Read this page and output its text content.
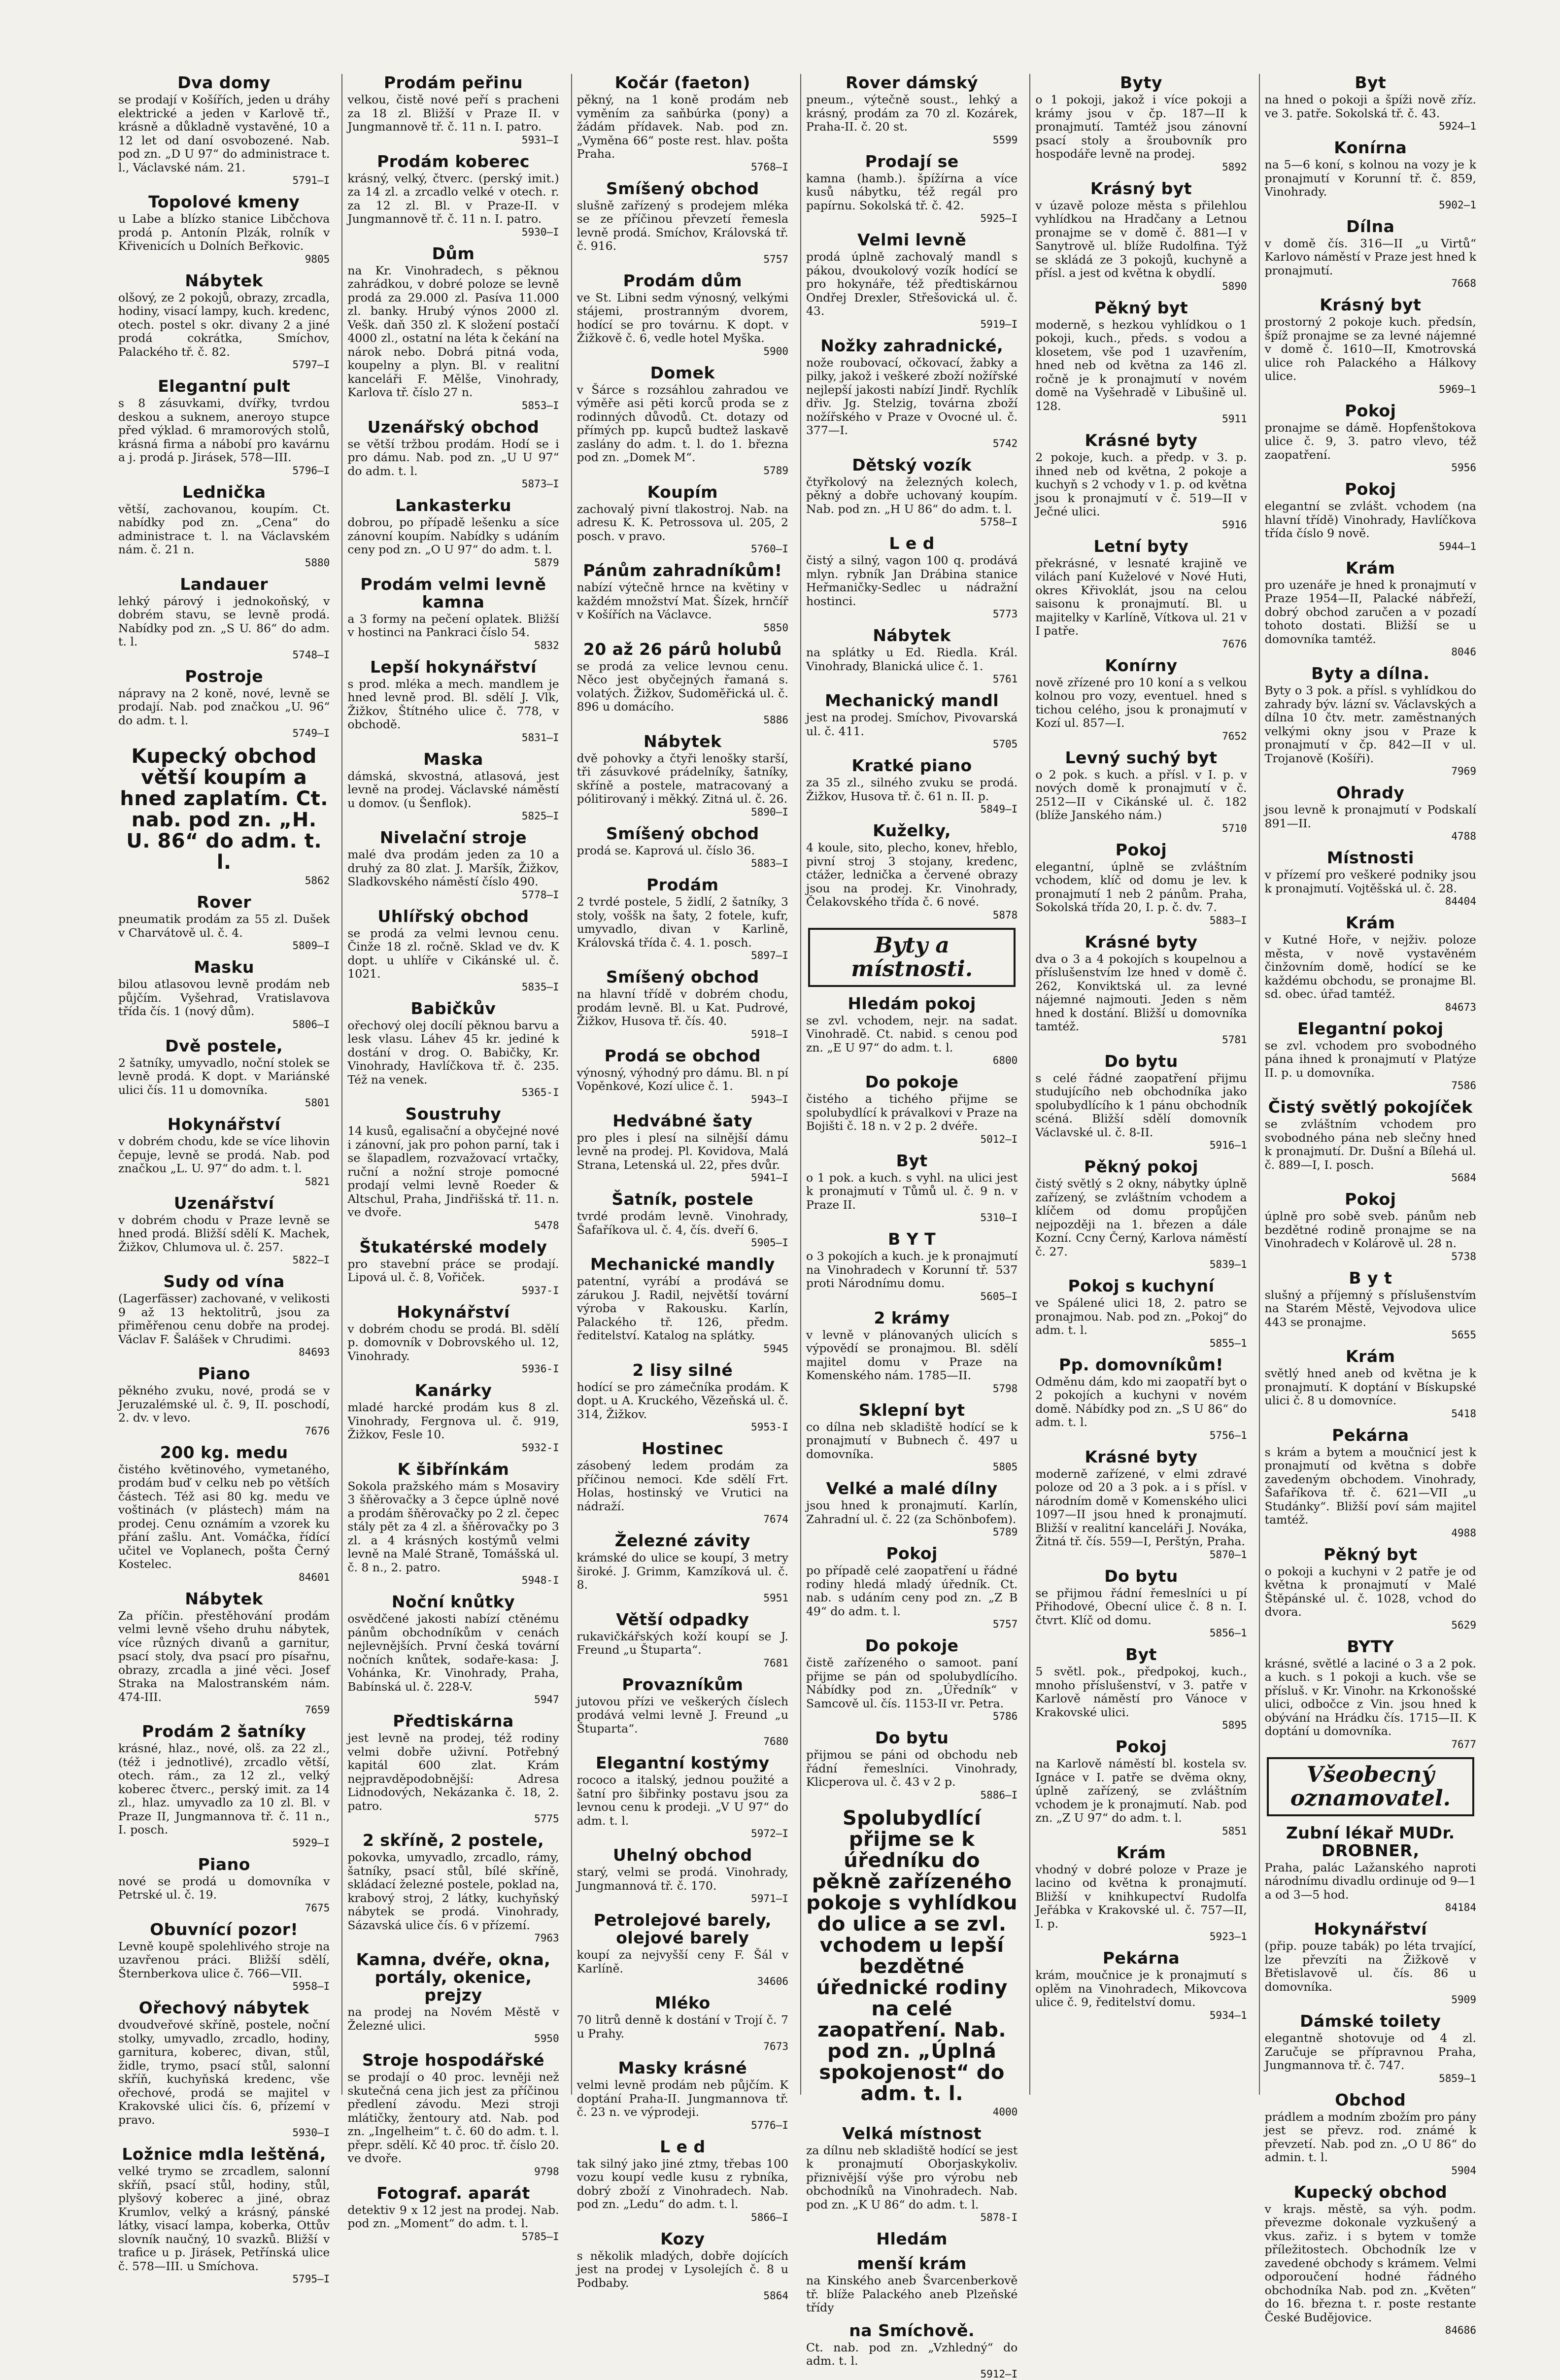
Dva domy

se prodají v Košířích, jeden u dráhy elektrické a jeden v Karlově tř., krásně a důkladně vystavěné, 10 a 12 let od daní osvobozené. Nab. pod zn. „D U 97“ do administrace t. l., Václavské nám. 21.

5791—I

Topolové kmeny

u Labe a blízko stanice Libčchova prodá p. Antonín Plzák, rolník v Křivenicích u Dolních Beřkovic.

9805

Nábytek

olšový, ze 2 pokojů, obrazy, zrcadla, hodiny, visací lampy, kuch. kredenc, otech. postel s okr. divany 2 a jiné prodá cokrátka, Smíchov, Palackého tř. č. 82.

5797—I

Elegantní pult

s 8 zásuvkami, dvířky, tvrdou deskou a suknem, aneroyo stupce před výklad. 6 mramorových stolů, krásná firma a nábobí pro kavárnu a j. prodá p. Jirásek, 578—III.

5796—I

Lednička

větší, zachovanou, koupím. Ct. nabídky pod zn. „Cena“ do administrace t. l. na Václavském nám. č. 21 n.

5880

Landauer

lehký párový i jednokoňský, v dobrém stavu, se levně prodá. Nabídky pod zn. „S U. 86“ do adm. t. l.

5748—I

Postroje

nápravy na 2 koně, nové, levně se prodají. Nab. pod značkou „U. 96“ do adm. t. l.

5749—I

Kupecký obchod větší koupím a hned zaplatím. Ct. nab. pod zn. „H. U. 86“ do adm. t. l.

5862

Rover

pneumatik prodám za 55 zl. Dušek v Charvátově ul. č. 4.

5809—I

Masku

bilou atlasovou levně prodám neb půjčím. Vyšehrad, Vratislavova třída čís. 1 (nový dům).

5806—I

Dvě postele,

2 šatníky, umyvadlo, noční stolek se levně prodá. K dopt. v Mariánské ulici čís. 11 u domovníka.

5801

Hokynářství

v dobrém chodu, kde se více lihovin čepuje, levně se prodá. Nab. pod značkou „L. U. 97“ do adm. t. l.

5821

Uzenářství

v dobrém chodu v Praze levně se hned prodá. Bližší sdělí K. Machek, Žižkov, Chlumova ul. č. 257.

5822—I

Sudy od vína

(Lagerfässer) zachované, v velikosti 9 až 13 hektolitrů, jsou za přiměřenou cenu dobře na prodej. Václav F. Šalášek v Chrudimi.

84693

Piano

pěkného zvuku, nové, prodá se v Jeruzalémské ul. č. 9, II. poschodí, 2. dv. v levo.

7676

200 kg. medu

čistého květinového, vymetaného, prodám buď v celku neb po větších částech. Též asi 80 kg. medu ve voštinách (v plástech) mám na prodej. Cenu oznámím a vzorek ku přání zašlu. Ant. Vomáčka, řídící učitel ve Voplanech, pošta Černý Kostelec.

84601

Nábytek

Za příčin. přestěhování prodám velmi levně všeho druhu nábytek, více různých divanů a garnitur, psací stoly, dva psací pro písařnu, obrazy, zrcadla a jiné věci. Josef Straka na Malostranském nám. 474-III.

7659

Prodám 2 šatníky

krásné, hlaz., nové, olš. za 22 zl., (též i jednotlivé), zrcadlo větší, otech. rám., za 12 zl., velký koberec čtverc., perský imit. za 14 zl., hlaz. umyvadlo za 10 zl. Bl. v Praze II, Jungmannova tř. č. 11 n., I. posch.

5929—I

Piano

nové se prodá u domovníka v Petrské ul. č. 19.

7675

Obuvnící pozor!

Levně koupě spolehlivého stroje na uzavřenou práci. Bližší sdělí, Šternberkova ulice č. 766—VII.

5958—I

Ořechový nábytek

dvoudveřové skříně, postele, noční stolky, umyvadlo, zrcadlo, hodiny, garnitura, koberec, divan, stůl, židle, trymo, psací stůl, salonní skříň, kuchyňská kredenc, vše ořechové, prodá se majitel v Krakovské ulici čís. 6, přízemí v pravo.

5930—I

Ložnice mdla leštěná,

velké trymo se zrcadlem, salonní skříň, psací stůl, hodiny, stůl, plyšový koberec a jiné, obraz Krumlov, velký a krásný, pánské látky, visací lampa, koberka, Ottův slovník naučný, 10 svazků. Bližší v trafice u p. Jirásek, Petřínská ulice č. 578—III. u Smíchova.

5795—I

Prodám peřinu

velkou, čistě nové peří s pracheni za 18 zl. Bližší v Praze II. v Jungmannově tř. č. 11 n. I. patro.

5931—I

Prodám koberec

krásný, velký, čtverc. (perský imit.) za 14 zl. a zrcadlo velké v otech. r. za 12 zl. Bl. v Praze-II. v Jungmannově tř. č. 11 n. I. patro.

5930—I

Dům

na Kr. Vinohradech, s pěknou zahrádkou, v dobré poloze se levně prodá za 29.000 zl. Pasíva 11.000 zl. banky. Hrubý výnos 2000 zl. Vešk. daň 350 zl. K složení postačí 4000 zl., ostatní na léta k čekání na nárok nebo. Dobrá pitná voda, koupelny a plyn. Bl. v realitní kanceláři F. Mělše, Vinohrady, Karlova tř. číslo 27 n.

5853—I

Uzenářský obchod

se větší tržbou prodám. Hodí se i pro dámu. Nab. pod zn. „U U 97“ do adm. t. l.

5873—I

Lankasterku

dobrou, po případě lešenku a síce zánovní koupím. Nabídky s udáním ceny pod zn. „O U 97“ do adm. t. l.

5879

Prodám velmi levně kamna

a 3 formy na pečení oplatek. Bližší v hostinci na Pankraci číslo 54.

5832

Lepší hokynářství

s prod. mléka a mech. mandlem je hned levně prod. Bl. sdělí J. Vlk, Žižkov, Štítného ulice č. 778, v obchodě.

5831—I

Maska

dámská, skvostná, atlasová, jest levně na prodej. Václavské náměstí u domov. (u Šenflok).

5825—I

Nivelační stroje

malé dva prodám jeden za 10 a druhý za 80 zlat. J. Maršík, Žižkov, Sladkovského náměstí číslo 490.

5778—I

Uhlířský obchod

se prodá za velmi levnou cenu. Činže 18 zl. ročně. Sklad ve dv. K dopt. u uhlíře v Cikánské ul. č. 1021.

5835—I

Babičkův

ořechový olej docílí pěknou barvu a lesk vlasu. Láhev 45 kr. jediné k dostání v drog. O. Babičky, Kr. Vinohrady, Havlíčkova tř. č. 235. Též na venek.

5365-I

Soustruhy

14 kusů, egalisační a obyčejné nové i zánovní, jak pro pohon parní, tak i se šlapadlem, rozvažovací vrtačky, ruční a nožní stroje pomocné prodají velmi levně Roeder & Altschul, Praha, Jindřišská tř. 11. n. ve dvoře.

5478

Štukatérské modely

pro stavební práce se prodají. Lipová ul. č. 8, Vořiček.

5937-I

Hokynářství

v dobrém chodu se prodá. Bl. sdělí p. domovník v Dobrovského ul. 12, Vinohrady.

5936-I

Kanárky

mladé harcké prodám kus 8 zl. Vinohrady, Fergnova ul. č. 919, Žižkov, Fesle 10.

5932-I

K šibřínkám

Sokola pražského mám s Mosaviry 3 šňěrovačky a 3 čepce úplně nové a prodám šňěrovačky po 2 zl. čepec stály pět za 4 zl. a šňěrovačky po 3 zl. a 4 krásných kostýmů velmi levně na Malé Straně, Tomášská ul. č. 8 n., 2. patro.

5948-I

Noční knůtky

osvědčené jakosti nabízí ctěnému pánům obchodníkům v cenách nejlevnějších. První česká tovární nočních knůtek, sodaře-kasa: J. Vohánka, Kr. Vinohrady, Praha, Babínská ul. č. 228-V.

5947

Předtiskárna

jest levně na prodej, též rodiny velmi dobře uživní. Potřebný kapitál 600 zlat. Krám nejpravděpodobnější: Adresa Lidnodových, Nekázanka č. 18, 2. patro.

5775

2 skříně, 2 postele,

pokovka, umyvadlo, zrcadlo, rámy, šatníky, psací stůl, bílé skříně, skládací železné postele, poklad na, krabový stroj, 2 látky, kuchyňský nábytek se prodá. Vinohrady, Sázavská ulice čís. 6 v přízemí.

7963

Kamna, dvéře, okna, portály, okenice, prejzy

na prodej na Novém Městě v Železné ulici.

5950

Stroje hospodářské

se prodají o 40 proc. levněji než skutečná cena jich jest za příčinou předlení závodu. Mezi stroji mlátičky, žentoury atd. Nab. pod zn. „Ingelheim“ t. č. 60 do adm. t. l. přepr. sdělí. Kč 40 proc. tř. číslo 20. ve dvoře.

9798

Fotograf. aparát

detektiv 9 x 12 jest na prodej. Nab. pod zn. „Moment“ do adm. t. l.

5785—I

Kočár (faeton)

pěkný, na 1 koně prodám neb vyměním za saňbúrka (pony) a žádám přídavek. Nab. pod zn. „Vyměna 66“ poste rest. hlav. pošta Praha.

5768—I

Smíšený obchod

slušně zařízený s prodejem mléka se ze příčinou převzetí řemesla levně prodá. Smíchov, Královská tř. č. 916.

5757

Prodám dům

ve St. Libni sedm výnosný, velkými stájemi, prostranným dvorem, hodící se pro továrnu. K dopt. v Žižkově č. 6, vedle hotel Myška.

5900

Domek

v Šárce s rozsáhlou zahradou ve výměře asi pěti korců proda se z rodinných důvodů. Ct. dotazy od přímých pp. kupců budtež laskavě zaslány do adm. t. l. do 1. března pod zn. „Domek M“.

5789

Koupím

zachovalý pivní tlakostroj. Nab. na adresu K. K. Petrossova ul. 205, 2 posch. v pravo.

5760—I

Pánům zahradníkům!

nabízí výtečně hrnce na květiny v každém množství Mat. Šízek, hrnčíř v Košířích na Václavce.

5850

20 až 26 párů holubů

se prodá za velice levnou cenu. Něco jest obyčejných řamaná s. volatých. Žižkov, Sudoměřická ul. č. 896 u domácího.

5886

Nábytek

dvě pohovky a čtyři lenošky starší, tři zásuvkové prádelníky, šatníky, skříně a postele, matracovaný a pólitirovaný i měkký. Zitná ul. č. 26.

5890—I

Smíšený obchod

prodá se. Kaprová ul. číslo 36.

5883—I

Prodám

2 tvrdé postele, 5 židlí, 2 šatníky, 3 stoly, voššk na šaty, 2 fotele, kufr, umyvadlo, divan v Karlině, Královská třída č. 4. 1. posch.

5897—I

Smíšený obchod

na hlavní třídě v dobrém chodu, prodám levně. Bl. u Kat. Pudrové, Žižkov, Husova tř. čís. 40.

5918—I

Prodá se obchod

výnosný, výhodný pro dámu. Bl. n pí Vopěnkové, Kozí ulice č. 1.

5943—I

Hedvábné šaty

pro ples i plesí na silnější dámu levně na prodej. Pl. Kovidova, Malá Strana, Letenská ul. 22, přes dvůr.

5941—I

Šatník, postele

tvrdé prodám levně. Vinohrady, Šafaříkova ul. č. 4, čís. dveří 6.

5905—I

Mechanické mandly

patentní, vyrábí a prodává se zárukou J. Radil, největší tovární výroba v Rakousku. Karlín, Palackého tř. 126, předm. ředitelství. Katalog na splátky.

5945

2 lisy silné

hodící se pro zámečníka prodám. K dopt. u A. Kruckého, Vězeňská ul. č. 314, Žižkov.

5953-I

Hostinec

zásobený ledem prodám za příčinou nemoci. Kde sdělí Frt. Holas, hostinský ve Vrutici na nádraží.

7674

Železné závity

krámské do ulice se koupí, 3 metry široké. J. Grimm, Kamzíková ul. č. 8.

5951

Větší odpadky

rukavičkářských koží koupí se J. Freund „u Štuparta“.

7681

Provazníkům

jutovou přízi ve veškerých číslech prodává velmi levně J. Freund „u Štuparta“.

7680

Elegantní kostýmy

rococo a italský, jednou použité a šatní pro šibřinky postavu jsou za levnou cenu k prodeji. „V U 97“ do adm. t. l.

5972—I

Uhelný obchod

starý, velmi se prodá. Vinohrady, Jungmannová tř. č. 170.

5971—I

Petrolejové barely, olejové barely

koupí za nejvyšší ceny F. Šál v Karlíně.

34606

Mléko

70 litrů denně k dostání v Trojí č. 7 u Prahy.

7673

Masky krásné

velmi levně prodám neb půjčím. K doptání Praha-II. Jungmannova tř. č. 23 n. ve výprodeji.

5776—I

L e d

tak silný jako jiné ztmy, třebas 100 vozu koupí vedle kusu z rybníka, dobrý zboží z Vinohradech. Nab. pod zn. „Ledu“ do adm. t. l.

5866—I

Kozy

s několik mladých, dobře dojících jest na prodej v Lysolejích č. 8 u Podbaby.

5864

Rover dámský

pneum., výtečně soust., lehký a krásný, prodám za 70 zl. Kozárek, Praha-II. č. 20 st.

5599

Prodají se

kamna (hamb.). špížírna a více kusů nábytku, též regál pro papírnu. Sokolská tř. č. 42.

5925—I

Velmi levně

prodá úplně zachovalý mandl s pákou, dvoukolový vozík hodící se pro hokynáře, též předtiskárnou Ondřej Drexler, Střešovická ul. č. 43.

5919—I

Nožky zahradnické,

nože roubovací, očkovací, žabky a pilky, jakož i veškeré zboží nožířské nejlepší jakosti nabízí Jindř. Rychlík dřiv. Jg. Stelzig, továrna zboží nožířského v Praze v Ovocné ul. č. 377—I.

5742

Dětský vozík

čtyřkolový na železných kolech, pěkný a dobře uchovaný koupím. Nab. pod zn. „H U 86“ do adm. t. l.

5758—I

L e d

čistý a silný, vagon 100 q. prodává mlyn. rybník Jan Drábina stanice Heřmaničky-Sedlec u nádražní hostinci.

5773

Nábytek

na splátky u Ed. Riedla. Král. Vinohrady, Blanická ulice č. 1.

5761

Mechanický mandl

jest na prodej. Smíchov, Pivovarská ul. č. 411.

5705

Kratké piano

za 35 zl., silného zvuku se prodá. Žižkov, Husova tř. č. 61 n. II. p.

5849—I

Kuželky,

4 koule, sito, plecho, konev, hřeblo, pivní stroj 3 stojany, kredenc, ctážer, lednička a červené obrazy jsou na prodej. Kr. Vinohrady, Čelakovského třída č. 6 nové.

5878

Byty a místnosti.
Hledám pokoj

se zvl. vchodem, nejr. na sadat. Vinohradě. Ct. nabid. s cenou pod zn. „E U 97“ do adm. t. l.

6800

Do pokoje

čistého a tichého přijme se spolubydlící k právalkovi v Praze na Bojišti č. 18 n. v 2 p. 2 dvéře.

5012—I

Byt

o 1 pok. a kuch. s vyhl. na ulici jest k pronajmutí v Tůmů ul. č. 9 n. v Praze II.

5310—I

B Y T

o 3 pokojích a kuch. je k pronajmutí na Vinohradech v Korunní tř. 537 proti Národnímu domu.

5605—I

2 krámy

v levně v plánovaných ulicích s výpovědí se pronajmou. Bl. sdělí majitel domu v Praze na Komenského nám. 1785—II.

5798

Sklepní byt

co dílna neb skladiště hodící se k pronajmutí v Bubnech č. 497 u domovníka.

5805

Velké a malé dílny

jsou hned k pronajmutí. Karlín, Zahradní ul. č. 22 (za Schönbofem).

5789

Pokoj

po případě celé zaopatření u řádné rodiny hledá mladý úředník. Ct. nab. s udáním ceny pod zn. „Z B 49“ do adm. t. l.

5757

Do pokoje

čistě zařízeného o samoot. paní přijme se pán od spolubydlícího. Nábídky pod zn. „Úředník“ v Samcově ul. čís. 1153-II vr. Petra.

5786

Do bytu

přijmou se páni od obchodu neb řádní řemeslníci. Vinohrady, Klicperova ul. č. 43 v 2 p.

5886—I

Spolubydlící přijme se k úředníku do pěkně zařízeného pokoje s vyhlídkou do ulice a se zvl. vchodem u lepší bezdětné úřednické rodiny na celé zaopatření. Nab. pod zn. „Úplná spokojenost“ do adm. t. l.

4000

Velká místnost

za dílnu neb skladiště hodící se jest k pronajmutí Oborjaskykoliv. přiznivější výše pro výrobu neb obchodníků na Vinohradech. Nab. pod zn. „K U 86“ do adm. t. l.

5878-I

Hledám
menší krám

na Kinského aneb Švarcenberkově tř. blíže Palackého aneb Plzeňské třídy

na Smíchově.

Ct. nab. pod zn. „Vzhledný“ do adm. t. l.

5912—I

Byty

o 1 pokoji, jakož i více pokoji a krámy jsou v čp. 187—II k pronajmutí. Tamtéž jsou zánovní psací stoly a šroubovník pro hospodáře levně na prodej.

5892

Krásný byt

v úzavě poloze města s přilehlou vyhlídkou na Hradčany a Letnou pronajme se v domě č. 881—I v Sanytrově ul. blíže Rudolfina. Týž se skládá ze 3 pokojů, kuchyně a přísl. a jest od května k obydlí.

5890

Pěkný byt

moderně, s hezkou vyhlídkou o 1 pokoji, kuch., předs. s vodou a klosetem, vše pod 1 uzavřením, hned neb od května za 146 zl. ročně je k pronajmutí v novém domě na Vyšehradě v Libušině ul. 128.

5911

Krásné byty

2 pokoje, kuch. a předp. v 3. p. ihned neb od května, 2 pokoje a kuchyň s 2 vchody v 1. p. od května jsou k pronajmutí v č. 519—II v Ječné ulici.

5916

Letní byty

překrásné, v lesnaté krajině ve vilách paní Kuželové v Nové Huti, okres Křivoklát, jsou na celou saisonu k pronajmutí. Bl. u majitelky v Karlíně, Vítkova ul. 21 v I patře.

7676

Konírny

nově zřízené pro 10 koní a s velkou kolnou pro vozy, eventuel. hned s tichou celého, jsou k pronajmutí v Kozí ul. 857—I.

7652

Levný suchý byt

o 2 pok. s kuch. a přísl. v I. p. v nových domě k pronajmutí v č. 2512—II v Cikánské ul. č. 182 (blíže Janského nám.)

5710

Pokoj

elegantní, úplně se zvláštním vchodem, klíč od domu je lev. k pronajmutí 1 neb 2 pánům. Praha, Sokolská třída 20, I. p. č. dv. 7.

5883—I

Krásné byty

dva o 3 a 4 pokojích s koupelnou a příslušenstvím lze hned v domě č. 262, Konviktská ul. za levné nájemné najmouti. Jeden s něm hned k dostání. Bližší u domovníka tamtéž.

5781

Do bytu

s celé řádné zaopatření přijmu studujícího neb obchodníka jako spolubydlícího k 1 pánu obchodník scéná. Bližší sdělí domovník Václavské ul. č. 8-II.

5916—1

Pěkný pokoj

čistý světlý s 2 okny, nábytky úplně zařízený, se zvláštním vchodem a klíčem od domu propůjčen nejpozději na 1. březen a dále Kozní. Ccny Černý, Karlova náměstí č. 27.

5839—1

Pokoj s kuchyní

ve Spálené ulici 18, 2. patro se pronajmou. Nab. pod zn. „Pokoj“ do adm. t. l.

5855—1

Pp. domovníkům!

Odměnu dám, kdo mi zaopatří byt o 2 pokojích a kuchyni v novém domě. Nábídky pod zn. „S U 86“ do adm. t. l.

5756—1

Krásné byty

moderně zařízené, v elmi zdravé poloze od 20 a 3 pok. a i s přísl. v národním domě v Komenského ulici 1097—II jsou hned k pronajmutí. Bližší v realitní kanceláři J. Nováka, Žitná tř. čís. 559—I, Perštýn, Praha.

5870—1

Do bytu

se přijmou řádní řemeslníci u pí Přihodové, Obecní ulice č. 8 n. I. čtvrt. Klíč od domu.

5856—1

Byt

5 světl. pok., předpokoj, kuch., mnoho příslušenství, v 3. patře v Karlově náměstí pro Vánoce v Krakovské ulici.

5895

Pokoj

na Karlově náměstí bl. kostela sv. Ignáce v I. patře se dvěma okny, úplně zařízený, se zvláštním vchodem je k pronajmutí. Nab. pod zn. „Z U 97“ do adm. t. l.

5851

Krám

vhodný v dobré poloze v Praze je lacino od května k pronajmutí. Bližší v knihkupectví Rudolfa Jeřábka v Krakovské ul. č. 757—II, I. p.

5923—1

Pekárna

krám, moučnice je k pronajmutí s oplěm na Vinohradech, Mikovcova ulice č. 9, ředitelství domu.

5934—1

Byt

na hned o pokoji a špíži nově zříz. ve 3. patře. Sokolská tř. č. 43.

5924—1

Konírna

na 5—6 koní, s kolnou na vozy je k pronajmutí v Korunní tř. č. 859, Vinohrady.

5902—1

Dílna

v domě čís. 316—II „u Virtů“ Karlovo náměstí v Praze jest hned k pronajmutí.

7668

Krásný byt

prostorný 2 pokoje kuch. předsín, špíž pronajme se za levné nájemné v domě č. 1610—II, Kmotrovská ulice roh Palackého a Hálkovy ulice.

5969—1

Pokoj

pronajme se dámě. Hopfenštokova ulice č. 9, 3. patro vlevo, též zaopatření.

5956

Pokoj

elegantní se zvlášt. vchodem (na hlavní třídě) Vinohrady, Havlíčkova třída číslo 9 nově.

5944—1

Krám

pro uzenáře je hned k pronajmutí v Praze 1954—II, Palacké nábřeží, dobrý obchod zaručen a v pozadí tohoto dostati. Bližší se u domovníka tamtéž.

8046

Byty a dílna.

Byty o 3 pok. a přísl. s vyhlídkou do zahrady býv. lázní sv. Václavských a dílna 10 čtv. metr. zaměstnaných velkými okny jsou v Praze k pronajmutí v čp. 842—II v ul. Trojanově (Košíři).

7969

Ohrady

jsou levně k pronajmutí v Podskalí 891—II.

4788

Místnosti

v přízemí pro veškeré podniky jsou k pronajmutí. Vojtěšská ul. č. 28.

84404

Krám

v Kutné Hoře, v nejživ. poloze města, v nově vystavěném činžovním domě, hodící se ke každému obchodu, se pronajme Bl. sd. obec. úřad tamtéž.

84673

Elegantní pokoj

se zvl. vchodem pro svobodného pána ihned k pronajmutí v Platýze II. p. u domovníka.

7586

Čistý světlý pokojíček

se zvláštním vchodem pro svobodného pána neb slečny hned k pronajmutí. Dr. Dušní a Bílehá ul. č. 889—I, I. posch.

5684

Pokoj

úplně pro sobě sveb. pánům neb bezdětné rodině pronajme se na Vinohradech v Kolárově ul. 28 n.

5738

B y t

slušný a příjemný s příslušenstvím na Starém Městě, Vejvodova ulice 443 se pronajme.

5655

Krám

světlý hned aneb od května je k pronajmutí. K doptání v Bískupské ulici č. 8 u domovníce.

5418

Pekárna

s krám a bytem a moučnicí jest k pronajmutí od května s dobře zavedeným obchodem. Vinohrady, Šafaříkova tř. č. 621—VII „u Studánky“. Bližší poví sám majitel tamtéž.

4988

Pěkný byt

o pokoji a kuchyni v 2 patře je od května k pronajmutí v Malé Štěpánské ul. č. 1028, vchod do dvora.

5629

BYTY

krásné, světlé a laciné o 3 a 2 pok. a kuch. s 1 pokoji a kuch. vše se přísluš. v Kr. Vinohr. na Krkonošské ulici, odbočce z Vin. jsou hned k obývání na Hrádku čís. 1715—II. K doptání u domovníka.

7677

Všeobecný oznamovatel.
Zubní lékař MUDr. DROBNER,

Praha, palác Lažanského naproti národnímu divadlu ordinuje od 9—1 a od 3—5 hod.

84184

Hokynářství

(přip. pouze tabák) po léta trvající, lze převzíti na Žižkově v Břetislavově ul. čís. 86 u domovníka.

5909

Dámské toilety

elegantně shotovuje od 4 zl. Zaručuje se přípravnou Praha, Jungmannova tř. č. 747.

5859—1

Obchod

prádlem a modním zbožím pro pány jest se převz. rod. známé k převzetí. Nab. pod zn. „O U 86“ do admin. t. l.

5904

Kupecký obchod

v krajs. městě, sa výh. podm. převezme dokonale vyzkušený a vkus. zařiz. i s bytem v tomže příležitostech. Obchodník lze v zavedené obchody s krámem. Velmi odporoučení hodné řádného obchodníka Nab. pod zn. „Květen“ do 16. března t. r. poste restante České Budějovice.

84686
